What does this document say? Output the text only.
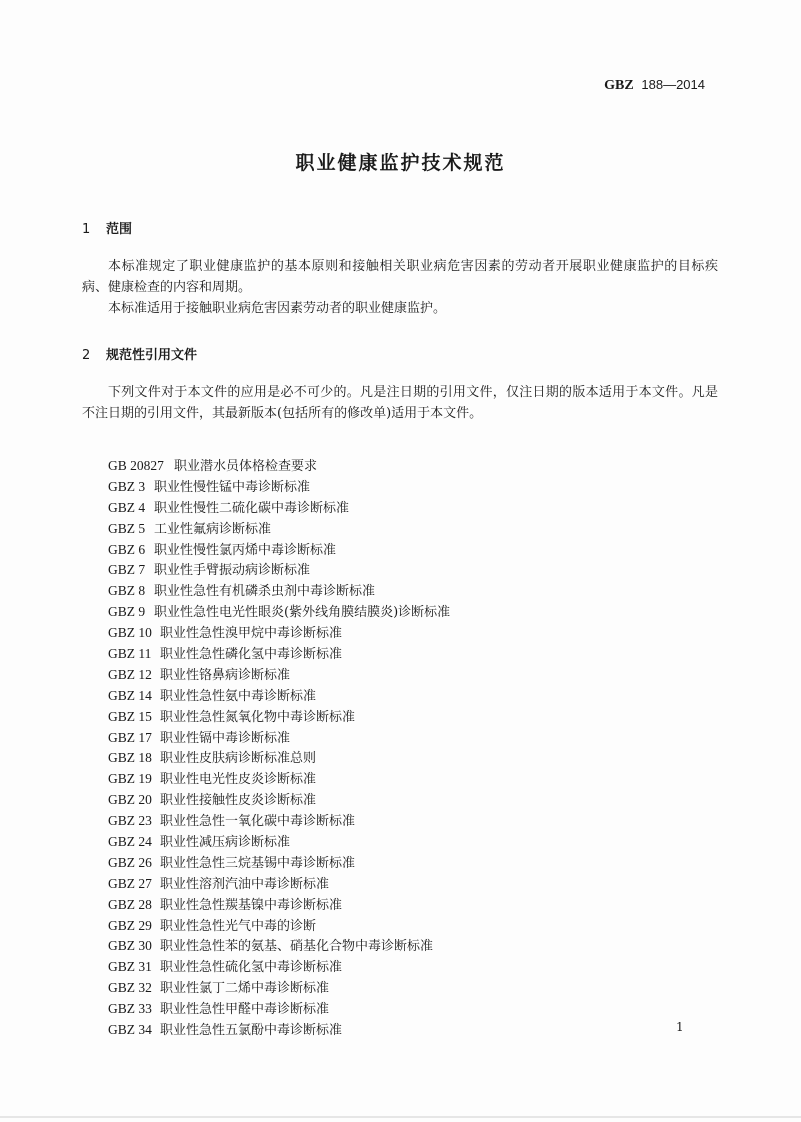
GBZ 188—2014
职业健康监护技术规范
1 范围
本标准规定了职业健康监护的基本原则和接触相关职业病危害因素的劳动者开展职业健康监护的目标疾病、健康检查的内容和周期。
本标准适用于接触职业病危害因素劳动者的职业健康监护。
2 规范性引用文件
下列文件对于本文件的应用是必不可少的。凡是注日期的引用文件，仅注日期的版本适用于本文件。凡是不注日期的引用文件，其最新版本(包括所有的修改单)适用于本文件。
GB 20827 职业潜水员体格检查要求
GBZ 3 职业性慢性锰中毒诊断标准
GBZ 4 职业性慢性二硫化碳中毒诊断标准
GBZ 5 工业性氟病诊断标准
GBZ 6 职业性慢性氯丙烯中毒诊断标准
GBZ 7 职业性手臂振动病诊断标准
GBZ 8 职业性急性有机磷杀虫剂中毒诊断标准
GBZ 9 职业性急性电光性眼炎(紫外线角膜结膜炎)诊断标准
GBZ 10 职业性急性溴甲烷中毒诊断标准
GBZ 11 职业性急性磷化氢中毒诊断标准
GBZ 12 职业性铬鼻病诊断标准
GBZ 14 职业性急性氨中毒诊断标准
GBZ 15 职业性急性氮氧化物中毒诊断标准
GBZ 17 职业性镉中毒诊断标准
GBZ 18 职业性皮肤病诊断标准总则
GBZ 19 职业性电光性皮炎诊断标准
GBZ 20 职业性接触性皮炎诊断标准
GBZ 23 职业性急性一氧化碳中毒诊断标准
GBZ 24 职业性减压病诊断标准
GBZ 26 职业性急性三烷基锡中毒诊断标准
GBZ 27 职业性溶剂汽油中毒诊断标准
GBZ 28 职业性急性羰基镍中毒诊断标准
GBZ 29 职业性急性光气中毒的诊断
GBZ 30 职业性急性苯的氨基、硝基化合物中毒诊断标准
GBZ 31 职业性急性硫化氢中毒诊断标准
GBZ 32 职业性氯丁二烯中毒诊断标准
GBZ 33 职业性急性甲醛中毒诊断标准
GBZ 34 职业性急性五氯酚中毒诊断标准	1
